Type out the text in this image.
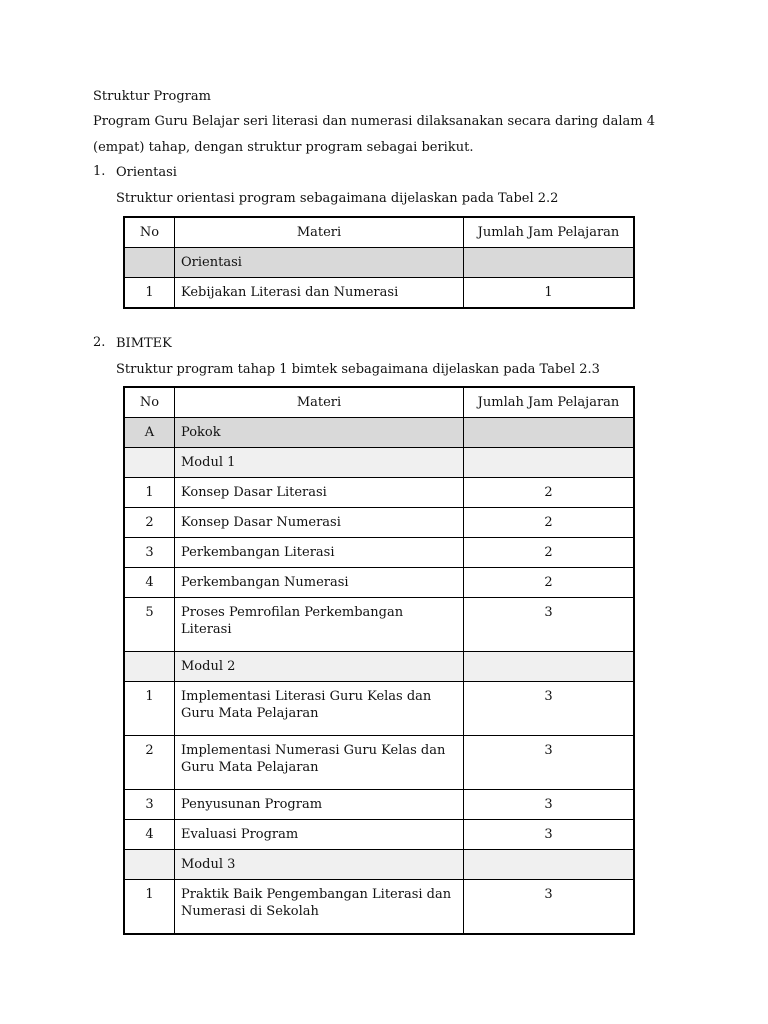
Struktur Program
Program Guru Belajar seri literasi dan numerasi dilaksanakan secara daring dalam 4
(empat) tahap, dengan struktur program sebagai berikut.
1. Orientasi
Struktur orientasi program sebagaimana dijelaskan pada Tabel 2.2
No	Materi	Jumlah Jam Pelajaran
	Orientasi	
1	Kebijakan Literasi dan Numerasi	1
2. BIMTEK
Struktur program tahap 1 bimtek sebagaimana dijelaskan pada Tabel 2.3
No	Materi	Jumlah Jam Pelajaran
A	Pokok	
	Modul 1	
1	Konsep Dasar Literasi	2
2	Konsep Dasar Numerasi	2
3	Perkembangan Literasi	2
4	Perkembangan Numerasi	2
5	Proses Pemrofilan Perkembangan Literasi	3
	Modul 2	
1	Implementasi Literasi Guru Kelas dan Guru Mata Pelajaran	3
2	Implementasi Numerasi Guru Kelas dan Guru Mata Pelajaran	3
3	Penyusunan Program	3
4	Evaluasi Program	3
	Modul 3	
1	Praktik Baik Pengembangan Literasi dan Numerasi di Sekolah	3
